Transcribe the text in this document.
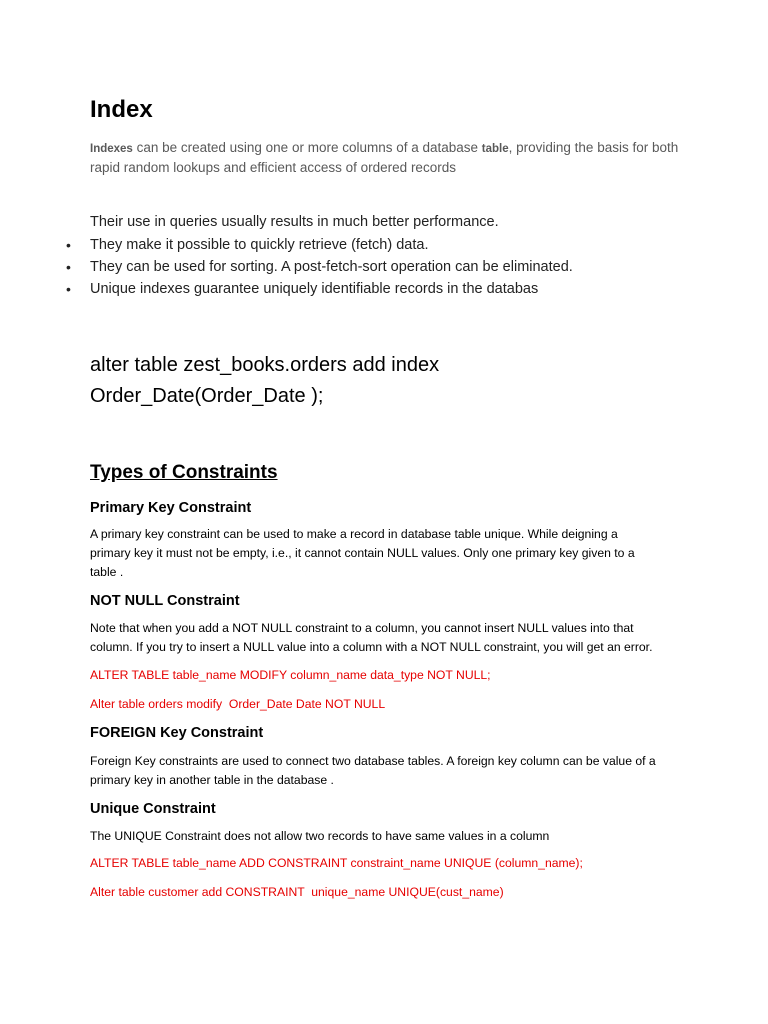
Index
Indexes can be created using one or more columns of a database table, providing the basis for both rapid random lookups and efficient access of ordered records
Their use in queries usually results in much better performance.
• They make it possible to quickly retrieve (fetch) data.
• They can be used for sorting. A post-fetch-sort operation can be eliminated.
• Unique indexes guarantee uniquely identifiable records in the databas
alter table zest_books.orders add index
Order_Date(Order_Date );
Types of Constraints
Primary Key Constraint
A primary key constraint can be used to make a record in database table unique. While deigning a
primary key it must not be empty, i.e., it cannot contain NULL values. Only one primary key given to a
table .
NOT NULL Constraint
Note that when you add a NOT NULL constraint to a column, you cannot insert NULL values into that
column. If you try to insert a NULL value into a column with a NOT NULL constraint, you will get an error.
ALTER TABLE table_name MODIFY column_name data_type NOT NULL;
Alter table orders modify  Order_Date Date NOT NULL
FOREIGN Key Constraint
Foreign Key constraints are used to connect two database tables. A foreign key column can be value of a
primary key in another table in the database .
Unique Constraint
The UNIQUE Constraint does not allow two records to have same values in a column
ALTER TABLE table_name ADD CONSTRAINT constraint_name UNIQUE (column_name);
Alter table customer add CONSTRAINT  unique_name UNIQUE(cust_name)
